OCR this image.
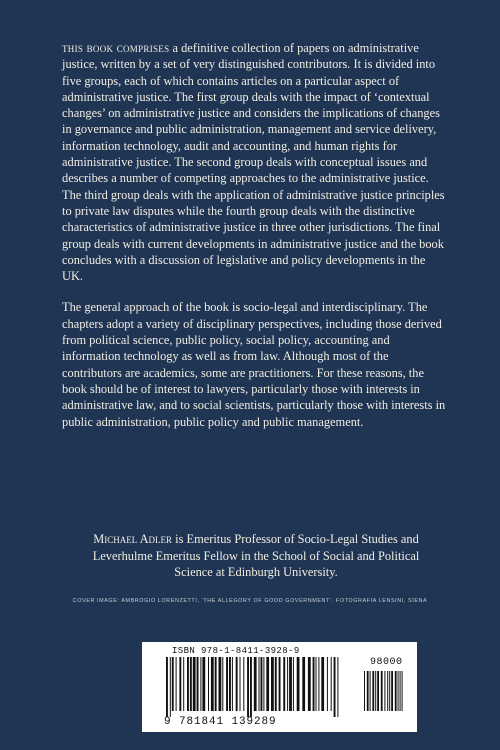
this book comprises a definitive collection of papers on administrative justice, written by a set of very distinguished contributors. It is divided into five groups, each of which contains articles on a particular aspect of administrative justice. The first group deals with the impact of ‘contextual changes’ on administrative justice and considers the implications of changes in governance and public administration, management and service delivery, information technology, audit and accounting, and human rights for administrative justice. The second group deals with conceptual issues and describes a number of competing approaches to the administrative justice. The third group deals with the application of administrative justice principles to private law disputes while the fourth group deals with the distinctive characteristics of administrative justice in three other jurisdictions. The final group deals with current developments in administrative justice and the book concludes with a discussion of legislative and policy developments in the UK.

The general approach of the book is socio-legal and interdisciplinary. The chapters adopt a variety of disciplinary perspectives, including those derived from political science, public policy, social policy, accounting and information technology as well as from law. Although most of the contributors are academics, some are practitioners. For these reasons, the book should be of interest to lawyers, particularly those with interests in administrative law, and to social scientists, particularly those with interests in public administration, public policy and public management.

Michael Adler is Emeritus Professor of Socio-Legal Studies and Leverhulme Emeritus Fellow in the School of Social and Political Science at Edinburgh University.
COVER IMAGE: AMBROGIO LORENZETTI, ‘THE ALLEGORY OF GOOD GOVERNMENT’. FOTOGRAFIA LENSINI, SIENA
ISBN 978-1-8411-3928-9
98000
9 781841 139289
